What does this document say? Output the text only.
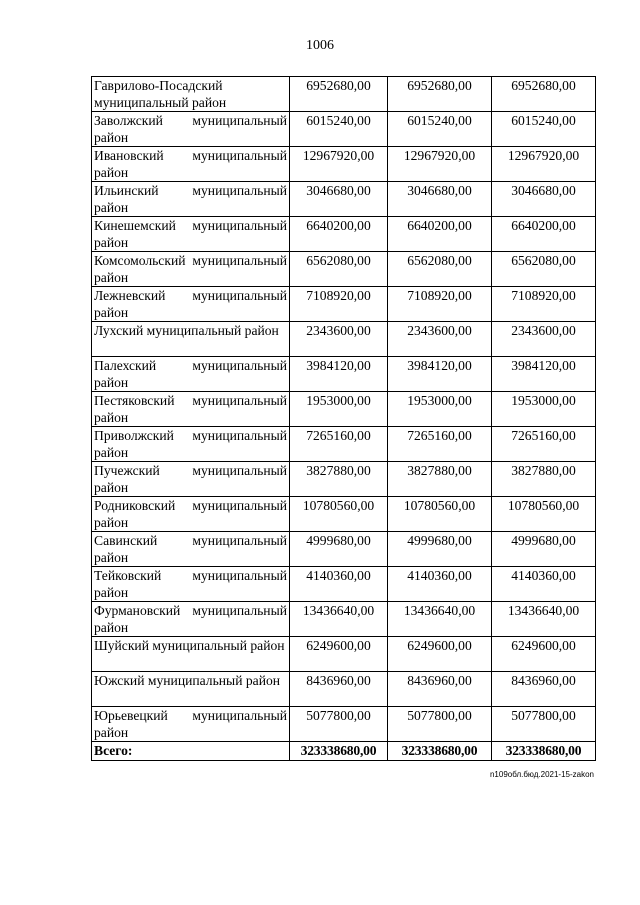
1006
Гаврилово-Посадский муниципальный район	6952680,00	6952680,00	6952680,00
Заволжский муниципальный район	6015240,00	6015240,00	6015240,00
Ивановский муниципальный район	12967920,00	12967920,00	12967920,00
Ильинский муниципальный район	3046680,00	3046680,00	3046680,00
Кинешемский муниципальный район	6640200,00	6640200,00	6640200,00
Комсомольский муниципальный район	6562080,00	6562080,00	6562080,00
Лежневский муниципальный район	7108920,00	7108920,00	7108920,00
Лухский муниципальный район	2343600,00	2343600,00	2343600,00
Палехский муниципальный район	3984120,00	3984120,00	3984120,00
Пестяковский муниципальный район	1953000,00	1953000,00	1953000,00
Приволжский муниципальный район	7265160,00	7265160,00	7265160,00
Пучежский муниципальный район	3827880,00	3827880,00	3827880,00
Родниковский муниципальный район	10780560,00	10780560,00	10780560,00
Савинский муниципальный район	4999680,00	4999680,00	4999680,00
Тейковский муниципальный район	4140360,00	4140360,00	4140360,00
Фурмановский муниципальный район	13436640,00	13436640,00	13436640,00
Шуйский муниципальный район	6249600,00	6249600,00	6249600,00
Южский муниципальный район	8436960,00	8436960,00	8436960,00
Юрьевецкий муниципальный район	5077800,00	5077800,00	5077800,00
Всего:	323338680,00	323338680,00	323338680,00
n109обл.бюд.2021-15-zakon
